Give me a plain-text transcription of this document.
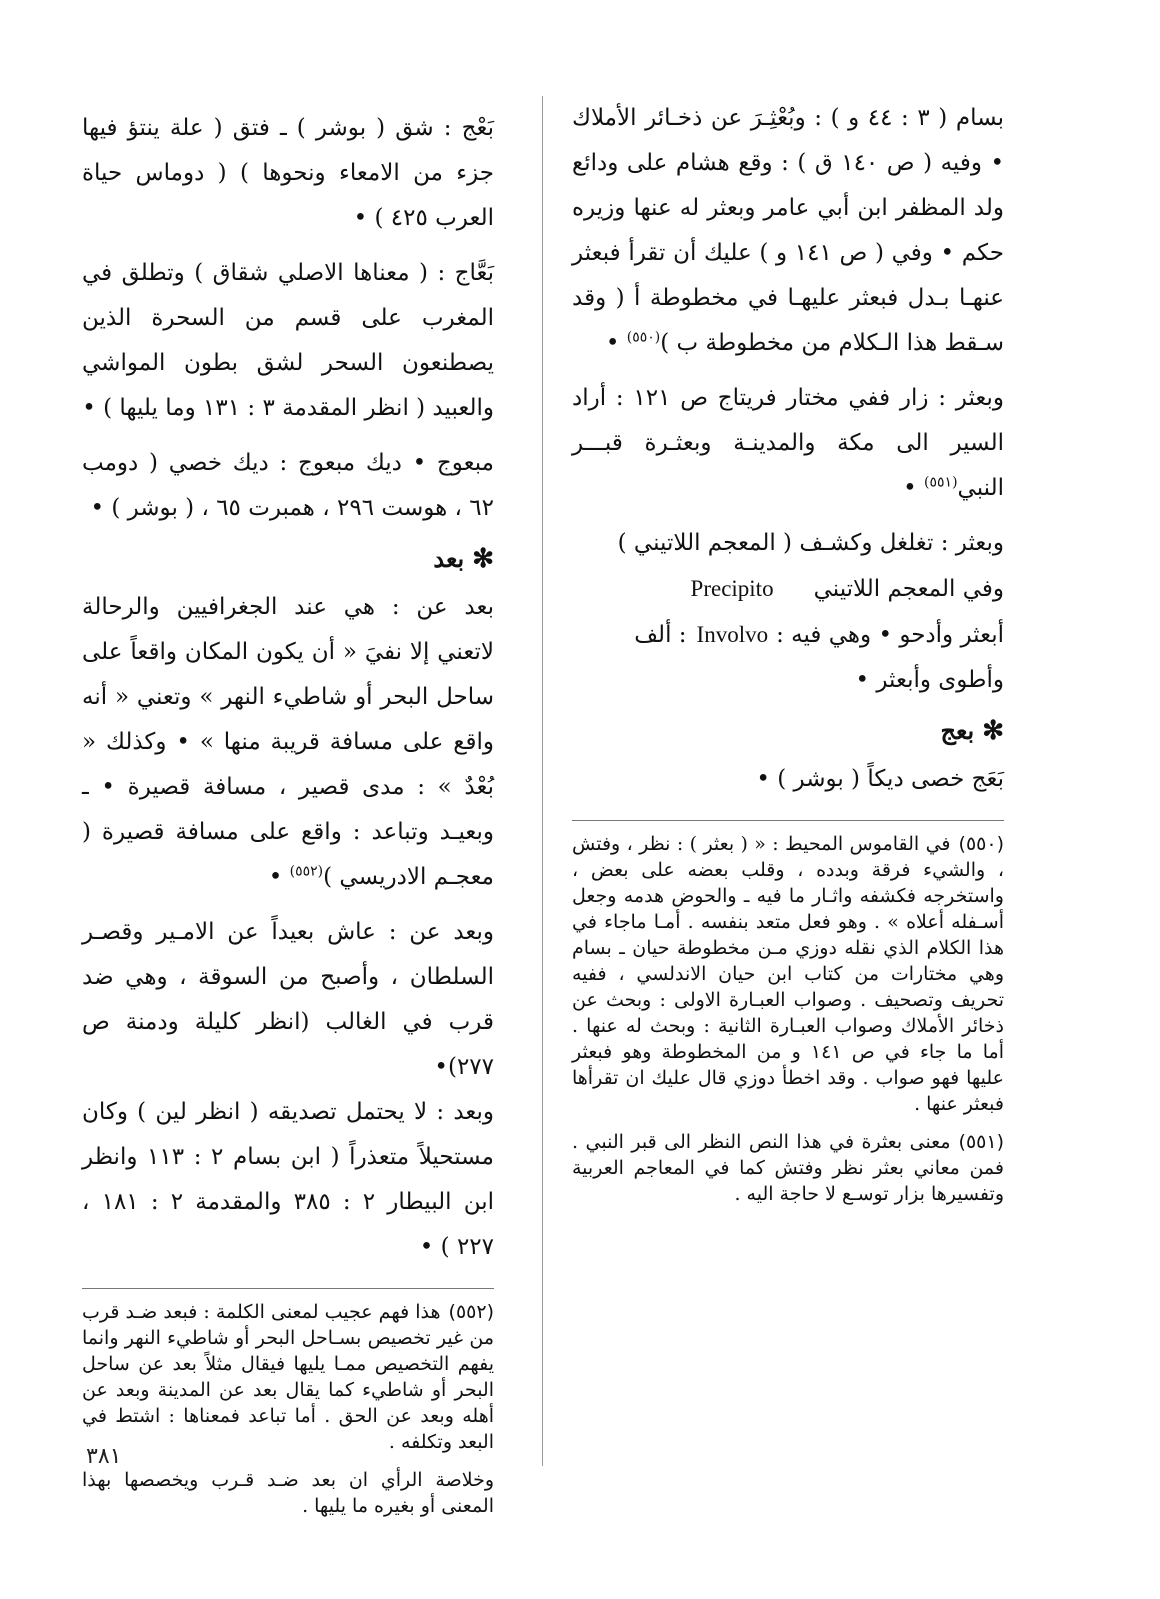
بسام ( ٣ : ٤٤ و ) : وبُعْثِـرَ عن ذخـائر الأملاك • وفيه ( ص ١٤٠ ق ) : وقع هشام على ودائع ولد المظفر ابن أبي عامر وبعثر له عنها وزيره حكم • وفي ( ص ١٤١ و ) عليك أن تقرأ فبعثر عنهـا بـدل فبعثر عليهـا في مخطوطة أ ( وقد سـقط هذا الـكلام من مخطوطة ب )$^{(٥٥٠)}$ •

وبعثر : زار ففي مختار فريتاج ص ١٢١ : أراد السير الى مكة والمدينـة وبعثـرة قبـــر النبي$^{(٥٥١)}$ •

وبعثر : تغلغل وكشـف ( المعجم اللاتيني )

وفي المعجم اللاتيني
Precipito

أبعثر وأدحو • وهي فيه :
Involvo
: ألف

وأطوى وأبعثر •

✻بعج

بَعَج خصى ديكاً ( بوشر ) •

(٥٥٠)في القاموس المحيط : « ( بعثر ) : نظر ، وفتش ، والشيء فرقة وبدده ، وقلب بعضه على بعض ، واستخرجه فكشفه واثـار ما فيه ـ والحوض هدمه وجعل أسـفله أعلاه » . وهو فعل متعد بنفسه . أمـا ماجاء في هذا الكلام الذي نقله دوزي مـن مخطوطة حيان ـ بسام وهي مختارات من كتاب ابن حيان الاندلسي ، ففيه تحريف وتصحيف . وصواب العبـارة الاولى : وبحث عن ذخائر الأملاك وصواب العبـارة الثانية : وبحث له عنها . أما ما جاء في ص ١٤١ و من المخطوطة وهو فبعثر عليها فهو صواب . وقد اخطأ دوزي قال عليك ان تقرأها فبعثر عنها .

(٥٥١)معنى بعثرة في هذا النص النظر الى قبر النبي . فمن معاني بعثر نظر وفتش كما في المعاجم العربية وتفسيرها بزار توسـع لا حاجة اليه .

بَعْج : شق ( بوشر ) ـ فتق ( علة ينتؤ فيها جزء من الامعاء ونحوها ) ( دوماس حياة العرب ٤٢٥ ) •

بَعَّاج : ( معناها الاصلي شقاق ) وتطلق في المغرب على قسم من السحرة الذين يصطنعون السحر لشق بطون المواشي والعبيد ( انظر المقدمة ٣ : ١٣١ وما يليها ) •

مبعوج • ديك مبعوج : ديك خصي ( دومب ٦٢ ، هوست ٢٩٦ ، همبرت ٦٥ ، ( بوشر ) •

✻بعد

بعد عن : هي عند الجغرافيين والرحالة لاتعني إلا نفيَ « أن يكون المكان واقعاً على ساحل البحر أو شاطيء النهر » وتعني « أنه واقع على مسافة قريبة منها » • وكذلك « بُعْدٌ » : مدى قصير ، مسافة قصيرة • ـ وبعيـد وتباعد : واقع على مسافة قصيرة ( معجـم الادريسي )$^{(٥٥٢)}$ •

وبعد عن : عاش بعيداً عن الامـير وقصـر السلطان ، وأصبح من السوقة ، وهي ضد قرب في الغالب (انظر كليلة ودمنة ص ٢٧٧)•

وبعد : لا يحتمل تصديقه ( انظر لين ) وكان مستحيلاً متعذراً ( ابن بسام ٢ : ١١٣ وانظر ابن البيطار ٢ : ٣٨٥ والمقدمة ٢ : ١٨١ ، ٢٢٧ ) •

(٥٥٢)هذا فهم عجيب لمعنى الكلمة : فبعد ضـد قرب من غير تخصيص بسـاحل البحر أو شاطيء النهر وانما يفهم التخصيص ممـا يليها فيقال مثلاً بعد عن ساحل البحر أو شاطيء كما يقال بعد عن المدينة وبعد عن أهله وبعد عن الحق . أما تباعد فمعناها : اشتط في البعد وتكلفه .

وخلاصة الرأي ان بعد ضـد قـرب ويخصصها بهذا المعنى أو بغيره ما يليها .

٣٨١
